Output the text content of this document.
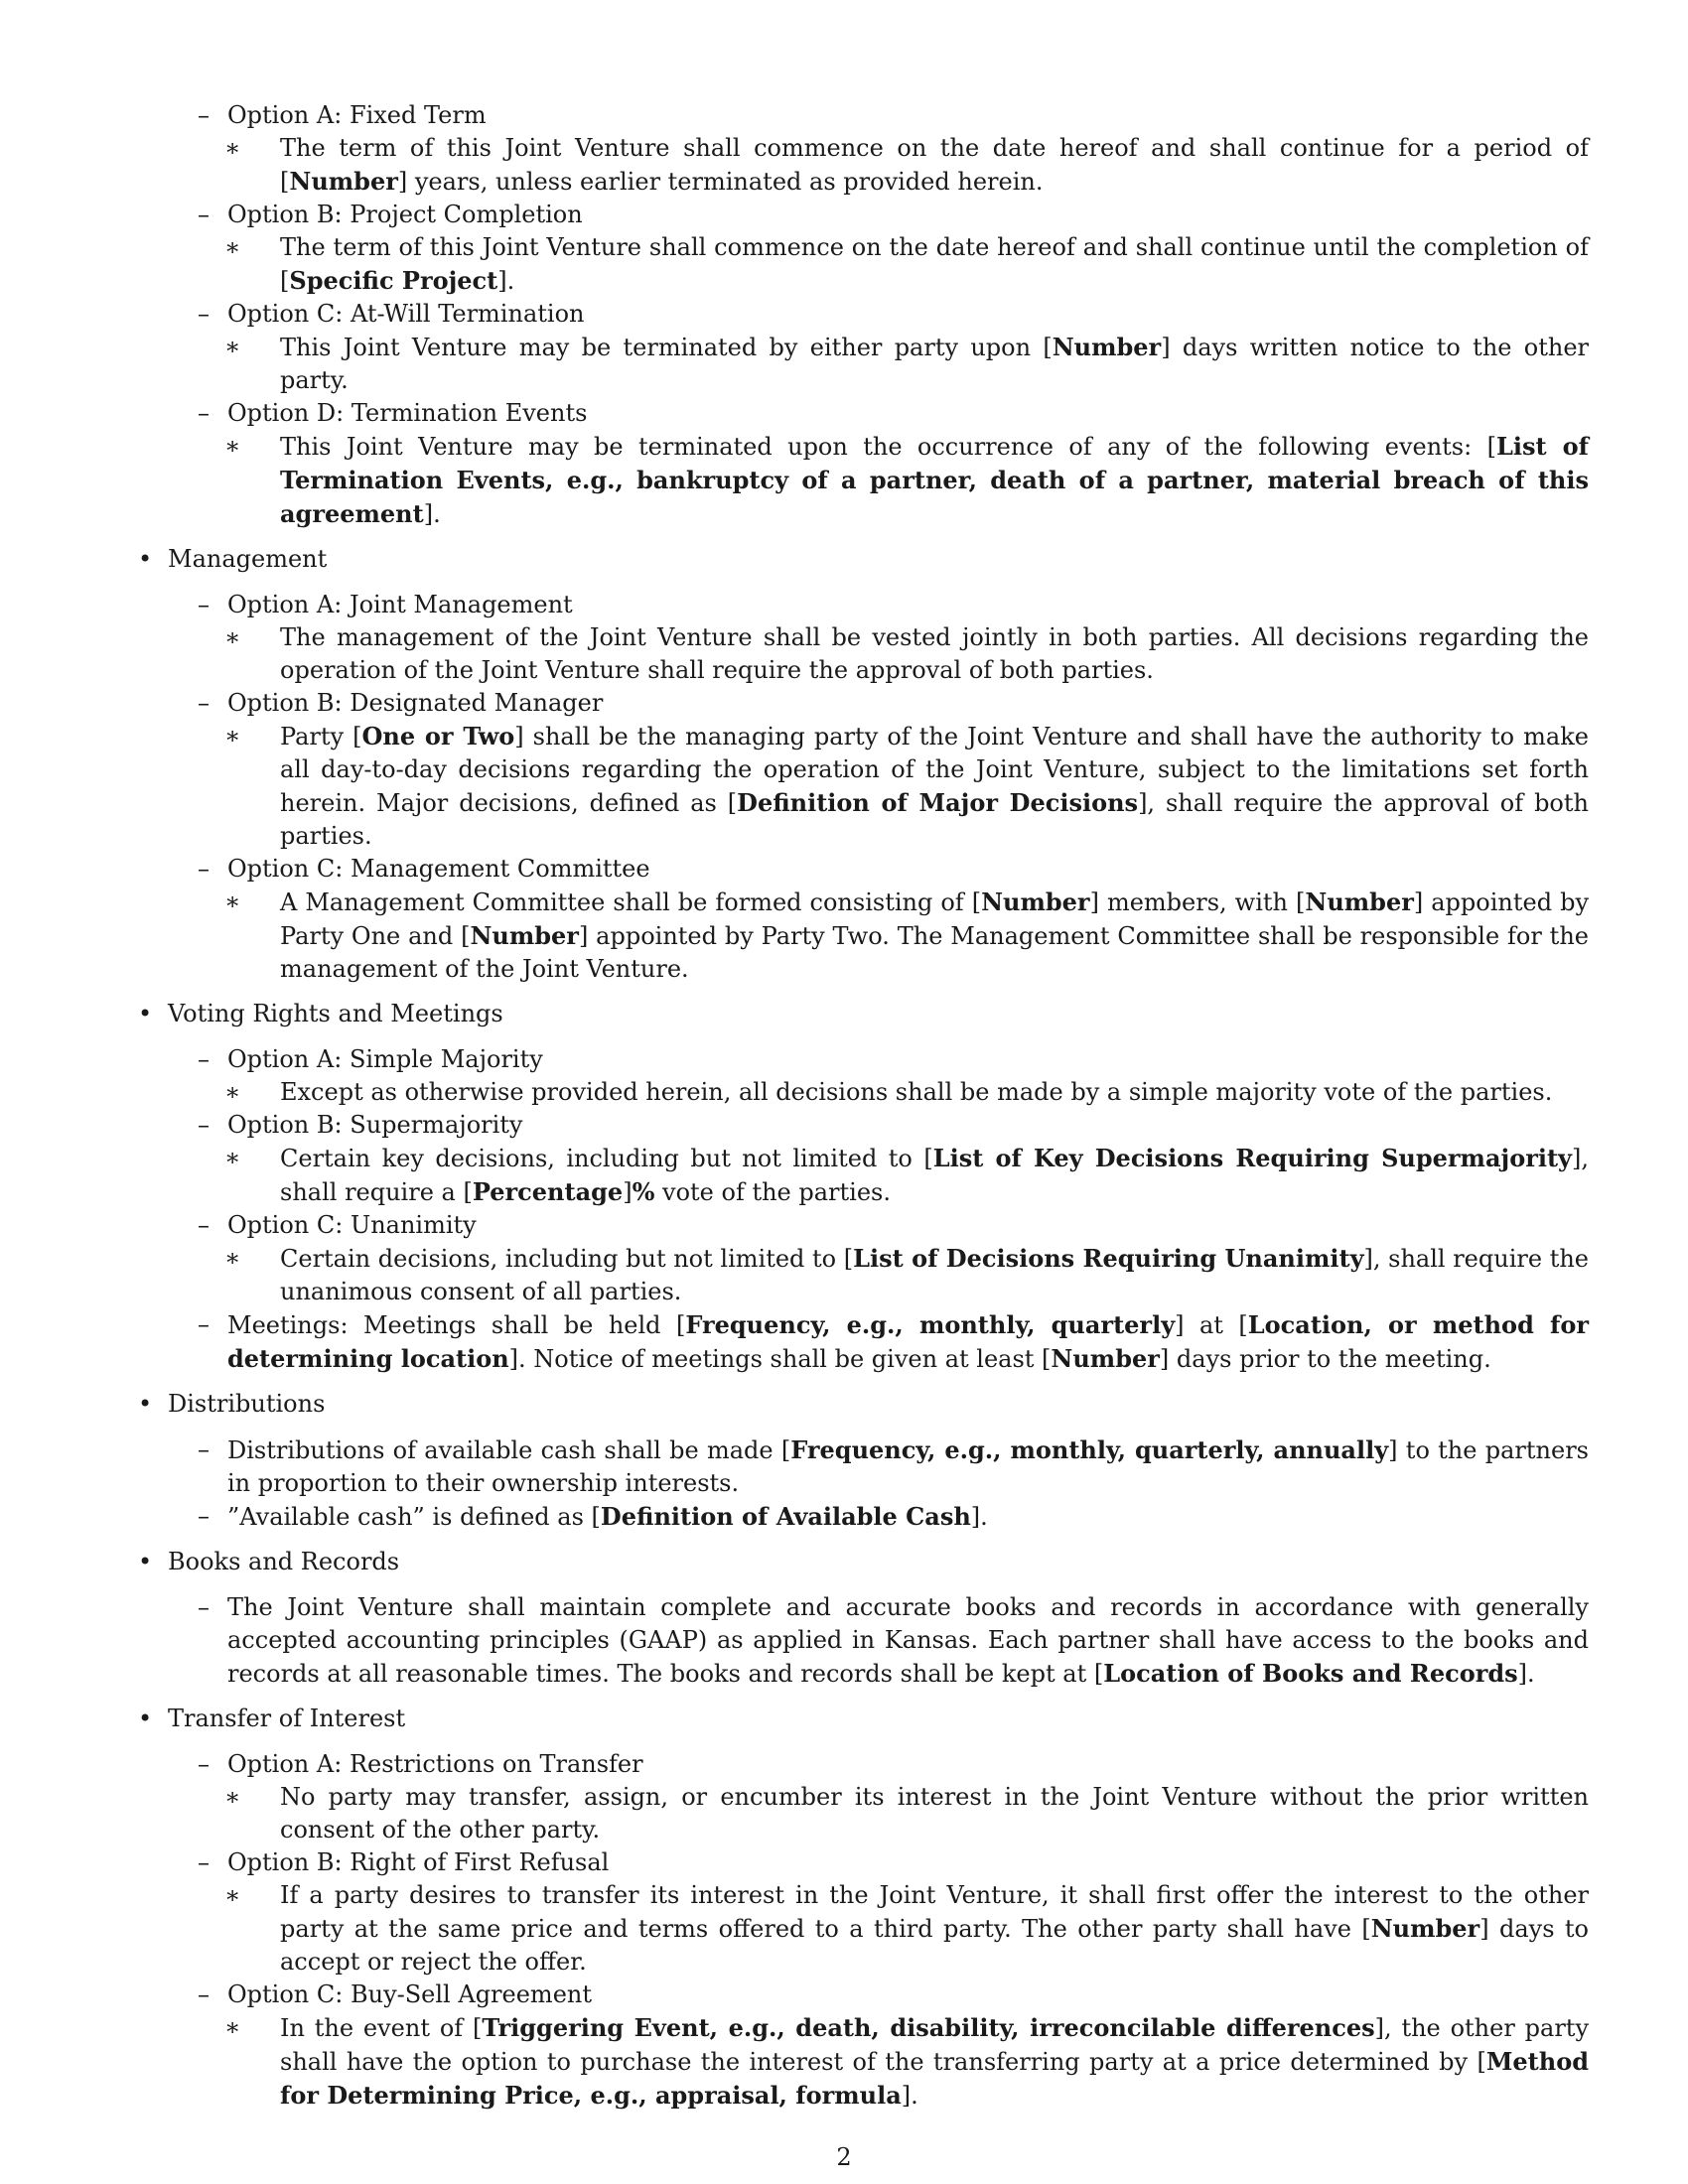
– Option A: Fixed Term
∗ The term of this Joint Venture shall commence on the date hereof and shall continue for a period of [Number] years, unless earlier terminated as provided herein.
– Option B: Project Completion
∗ The term of this Joint Venture shall commence on the date hereof and shall continue until the completion of [Specific Project].
– Option C: At-Will Termination
∗ This Joint Venture may be terminated by either party upon [Number] days written notice to the other party.
– Option D: Termination Events
∗ This Joint Venture may be terminated upon the occurrence of any of the following events: [List of Termination Events, e.g., bankruptcy of a partner, death of a partner, material breach of this agreement].
• Management
– Option A: Joint Management
∗ The management of the Joint Venture shall be vested jointly in both parties. All decisions regarding the operation of the Joint Venture shall require the approval of both parties.
– Option B: Designated Manager
∗ Party [One or Two] shall be the managing party of the Joint Venture and shall have the authority to make all day-to-day decisions regarding the operation of the Joint Venture, subject to the limitations set forth herein. Major decisions, defined as [Definition of Major Decisions], shall require the approval of both parties.
– Option C: Management Committee
∗ A Management Committee shall be formed consisting of [Number] members, with [Number] appointed by Party One and [Number] appointed by Party Two. The Management Committee shall be responsible for the management of the Joint Venture.
• Voting Rights and Meetings
– Option A: Simple Majority
∗ Except as otherwise provided herein, all decisions shall be made by a simple majority vote of the parties.
– Option B: Supermajority
∗ Certain key decisions, including but not limited to [List of Key Decisions Requiring Supermajority], shall require a [Percentage]% vote of the parties.
– Option C: Unanimity
∗ Certain decisions, including but not limited to [List of Decisions Requiring Unanimity], shall require the unanimous consent of all parties.
– Meetings: Meetings shall be held [Frequency, e.g., monthly, quarterly] at [Location, or method for determining location]. Notice of meetings shall be given at least [Number] days prior to the meeting.
• Distributions
– Distributions of available cash shall be made [Frequency, e.g., monthly, quarterly, annually] to the partners in proportion to their ownership interests.
– ”Available cash” is defined as [Definition of Available Cash].
• Books and Records
– The Joint Venture shall maintain complete and accurate books and records in accordance with generally accepted accounting principles (GAAP) as applied in Kansas. Each partner shall have access to the books and records at all reasonable times. The books and records shall be kept at [Location of Books and Records].
• Transfer of Interest
– Option A: Restrictions on Transfer
∗ No party may transfer, assign, or encumber its interest in the Joint Venture without the prior written consent of the other party.
– Option B: Right of First Refusal
∗ If a party desires to transfer its interest in the Joint Venture, it shall first offer the interest to the other party at the same price and terms offered to a third party. The other party shall have [Number] days to accept or reject the offer.
– Option C: Buy-Sell Agreement
∗ In the event of [Triggering Event, e.g., death, disability, irreconcilable differences], the other party shall have the option to purchase the interest of the transferring party at a price determined by [Method for Determining Price, e.g., appraisal, formula].
2
